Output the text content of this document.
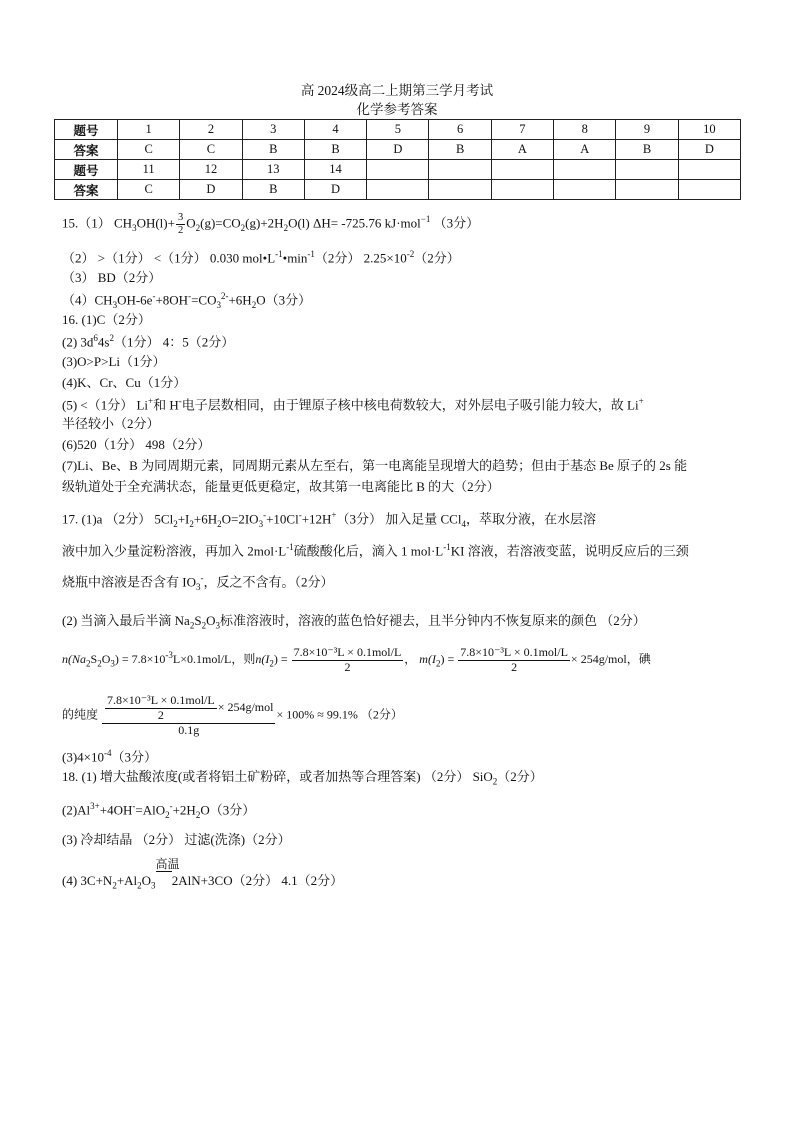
高 2024级高二上期第三学月考试
化学参考答案
题号	1	2	3	4	5	6	7	8	9	10
答案	C	C	B	B	D	B	A	A	B	D
题号	11	12	13	14						
答案	C	D	B	D						
15.（1） $CH_3OH(l)+ \frac{3}{2} O_2(g)=CO_2(g)+2H_2O(l)$ ΔH= -725.76 kJ·mol$^{-1}$ （3分）
（2） >（1分） <（1分） 0.030 $mol•L^{-1}•\min^{-1}(2$分） $2.25\times 10^{-2}(2$分）
（3） BD（2分）
$(4)CH_3OH-6e^-+8OH^-=CO_3^{2-}+6H_2O(3$分）
16. (1)C（2分）
(2) $3d^64s^2(1$分） 4：5（2分）
(3)O>P>Li（1分）
(4)K、Cr、Cu（1分）
(5) <（1分） Li+和 H-电子层数相同，由于锂原子核中核电荷数较大，对外层电子吸引能力较大，故 Li+
半径较小（2分）
(6)520（1分） 498（2分）
(7)Li、Be、B 为同周期元素，同周期元素从左至右，第一电离能呈现增大的趋势；但由于基态 Be 原子的 2s 能
级轨道处于全充满状态，能量更低更稳定，故其第一电离能比 B 的大（2分）
17. (1)a （2分） $5Cl_2+I_2+6H_2O=2IO_3^-+10Cl^-+12H^+(3$分） 加入足量 CCl$_4$，萃取分液，在水层溶
液中加入少量淀粉溶液，再加入 $2mol\cdot L^{-1}$硫酸酸化后，滴入 1 $mol\cdot L^{-1}KI$ 溶液，若溶液变蓝，说明反应后的三颈
烧瓶中溶液是否含有 $IO_3^-$，反之不含有。（2分）
(2) 当滴入最后半滴 $Na_2S_2O_3$标准溶液时，溶液的蓝色恰好褪去，且半分钟内不恢复原来的颜色 （2分）
$n(Na_2S_2O_3) = 7.8\times 10^{-3}L\times 0.1mol/L$，则$n(I_2) = \frac{\text{7.8×10⁻³L × 0.1mol/L}}{2}$ ， $m(I_2) = \frac{\text{7.8×10⁻³L × 0.1mol/L}}{2} \times 254g/mol$，碘
的纯度 $\frac{\frac{\text{7.8×10⁻³L × 0.1mol/L}}{2} \times 254g/mol}{0.1g} \times 100\% \approx 99.1\%$ （2分）
$(3)4\times 10^{-4}(3$分）
18. (1) 增大盐酸浓度(或者将铝土矿粉碎，或者加热等合理答案) （2分） SiO$_2$（2分）
$(2)Al^{3+}+4OH^-=AlO_2^-+2H_2O(3$分）
(3) 冷却结晶 （2分） 过滤(洗涤)（2分）
(4) $3C+N_2+Al_2O_3$
高温
2AlN+3CO（2分） 4.1（2分）
